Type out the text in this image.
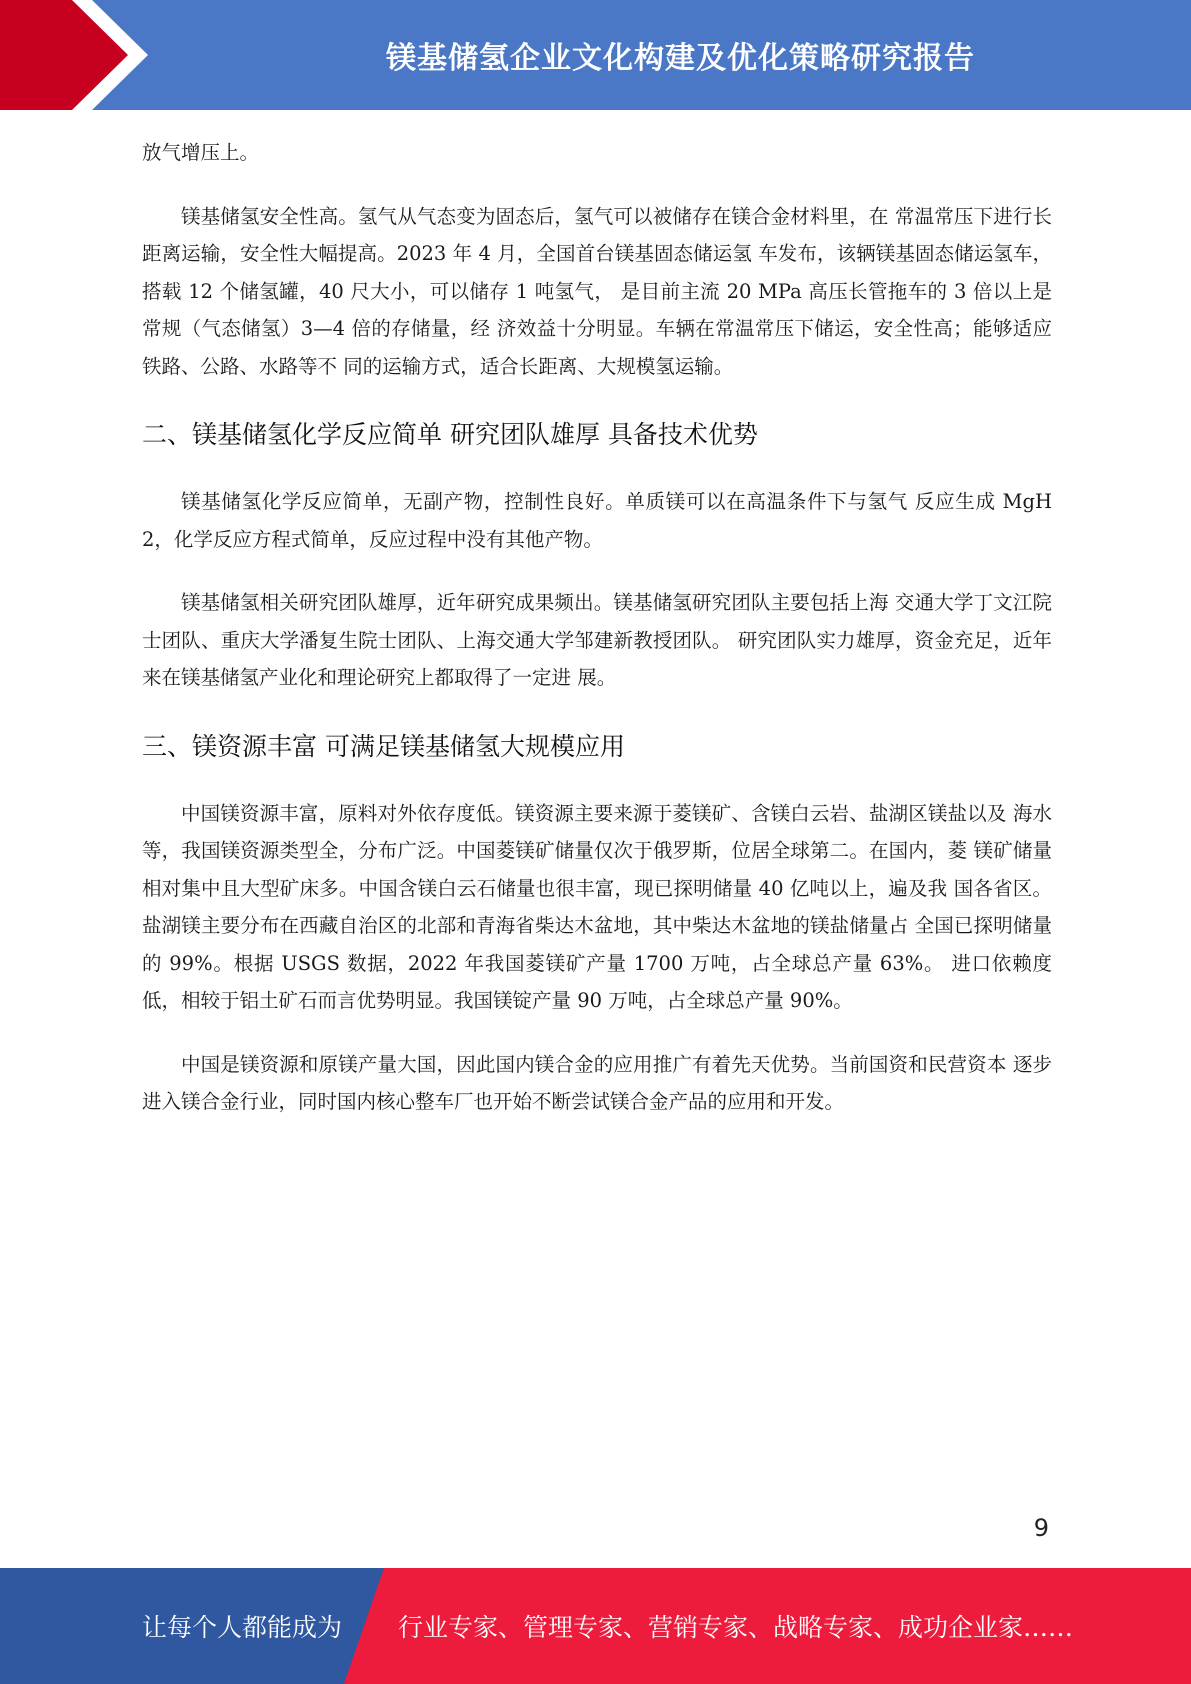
镁基储氢企业文化构建及优化策略研究报告

放气增压上。

镁基储氢安全性高。氢气从气态变为固态后，氢气可以被储存在镁合金材料里，在 常温常压下进行长距离运输，安全性大幅提高。2023 年 4 月，全国首台镁基固态储运氢 车发布，该辆镁基固态储运氢车，搭载 12 个储氢罐，40 尺大小，可以储存 1 吨氢气， 是目前主流 20 MPa 高压长管拖车的 3 倍以上是常规（气态储氢）3—4 倍的存储量，经 济效益十分明显。车辆在常温常压下储运，安全性高；能够适应铁路、公路、水路等不 同的运输方式，适合长距离、大规模氢运输。

二、镁基储氢化学反应简单 研究团队雄厚 具备技术优势

镁基储氢化学反应简单，无副产物，控制性良好。单质镁可以在高温条件下与氢气 反应生成 MgH2，化学反应方程式简单，反应过程中没有其他产物。

镁基储氢相关研究团队雄厚，近年研究成果频出。镁基储氢研究团队主要包括上海 交通大学丁文江院士团队、重庆大学潘复生院士团队、上海交通大学邹建新教授团队。 研究团队实力雄厚，资金充足，近年来在镁基储氢产业化和理论研究上都取得了一定进 展。

三、镁资源丰富 可满足镁基储氢大规模应用

中国镁资源丰富，原料对外依存度低。镁资源主要来源于菱镁矿、含镁白云岩、盐湖区镁盐以及 海水等，我国镁资源类型全，分布广泛。中国菱镁矿储量仅次于俄罗斯，位居全球第二。在国内，菱 镁矿储量相对集中且大型矿床多。中国含镁白云石储量也很丰富，现已探明储量 40 亿吨以上，遍及我 国各省区。盐湖镁主要分布在西藏自治区的北部和青海省柴达木盆地，其中柴达木盆地的镁盐储量占 全国已探明储量的 99%。根据 USGS 数据，2022 年我国菱镁矿产量 1700 万吨，占全球总产量 63%。 进口依赖度低，相较于铝土矿石而言优势明显。我国镁锭产量 90 万吨，占全球总产量 90%。

中国是镁资源和原镁产量大国，因此国内镁合金的应用推广有着先天优势。当前国资和民营资本 逐步进入镁合金行业，同时国内核心整车厂也开始不断尝试镁合金产品的应用和开发。

9
让每个人都能成为 行业专家、管理专家、营销专家、战略专家、成功企业家……
